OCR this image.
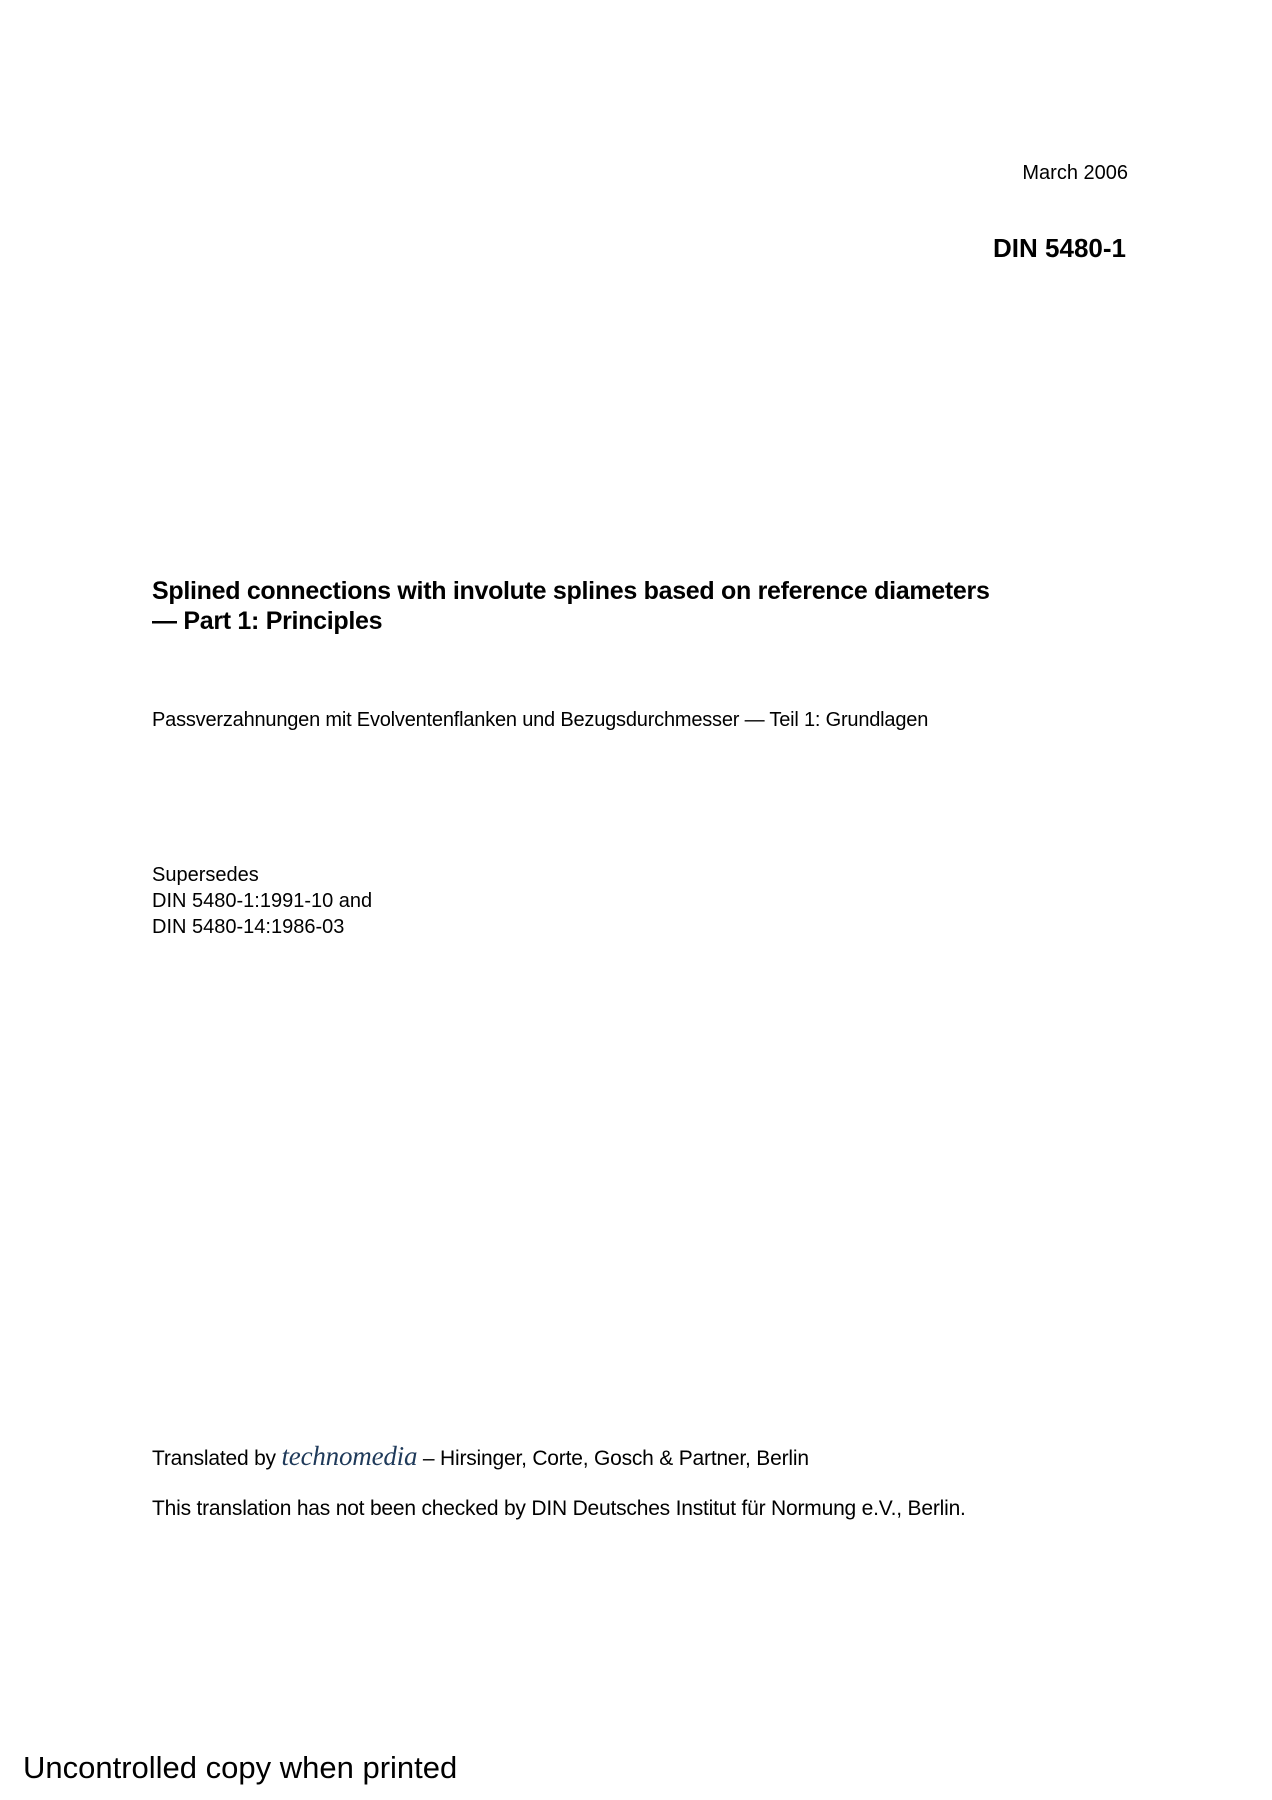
March 2006

DIN 5480-1

Splined connections with involute splines based on reference diameters
— Part 1: Principles

Passverzahnungen mit Evolventenflanken und Bezugsdurchmesser — Teil 1: Grundlagen

Supersedes
DIN 5480-1:1991-10 and
DIN 5480-14:1986-03

Translated by technomedia – Hirsinger, Corte, Gosch & Partner, Berlin

This translation has not been checked by DIN Deutsches Institut für Normung e.V., Berlin.

Uncontrolled copy when printed
